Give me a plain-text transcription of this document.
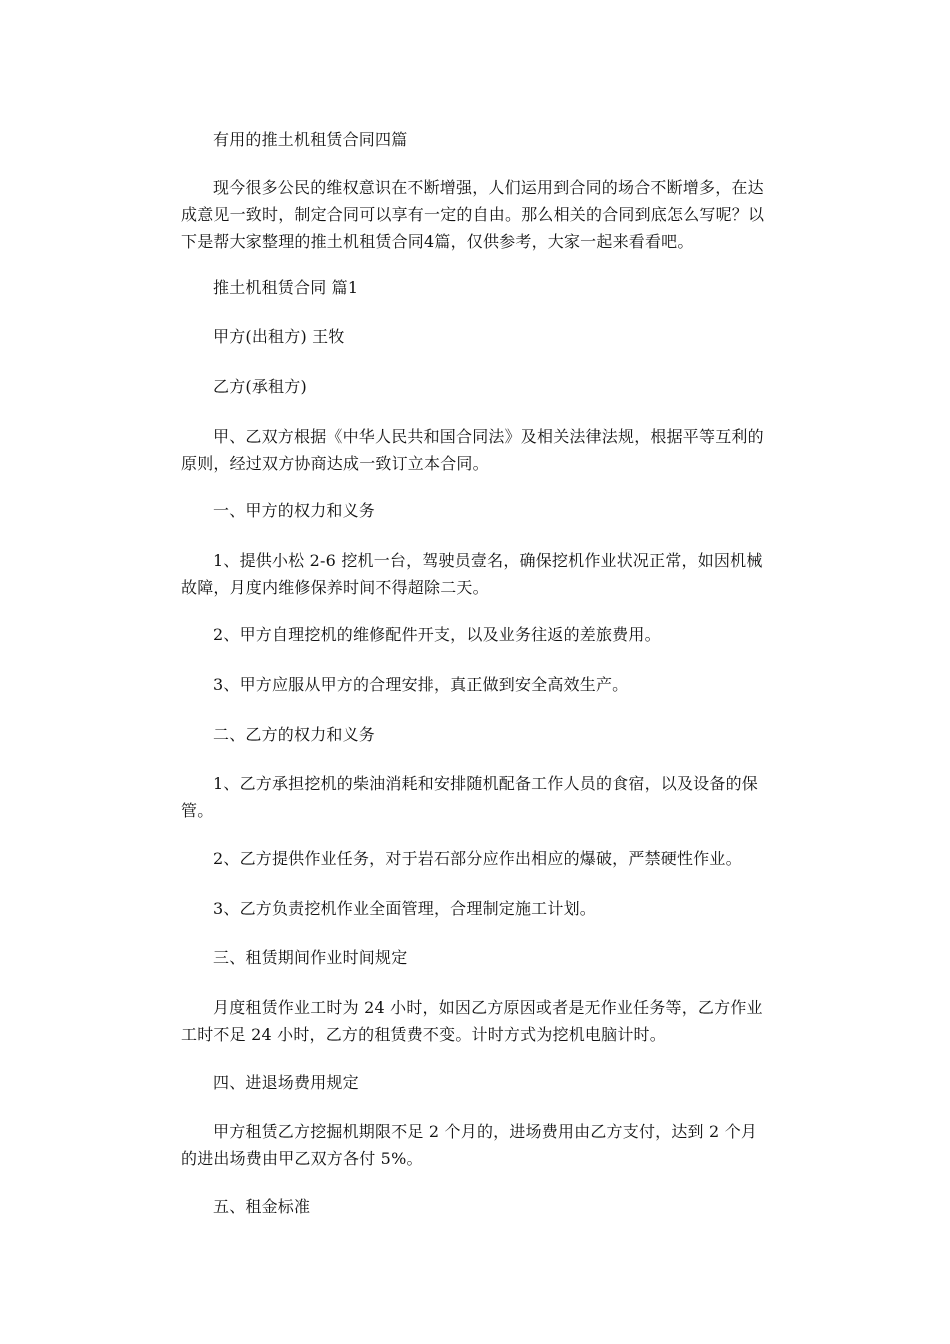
有用的推土机租赁合同四篇

现今很多公民的维权意识在不断增强，人们运用到合同的场合不断增多，在达成意见一致时，制定合同可以享有一定的自由。那么相关的合同到底怎么写呢？以下是帮大家整理的推土机租赁合同4篇，仅供参考，大家一起来看看吧。

推土机租赁合同 篇1

甲方(出租方) 王牧

乙方(承租方)

甲、乙双方根据《中华人民共和国合同法》及相关法律法规，根据平等互利的原则，经过双方协商达成一致订立本合同。

一、甲方的权力和义务

1、提供小松 2-6 挖机一台，驾驶员壹名，确保挖机作业状况正常，如因机械故障，月度内维修保养时间不得超除二天。

2、甲方自理挖机的维修配件开支，以及业务往返的差旅费用。

3、甲方应服从甲方的合理安排，真正做到安全高效生产。

二、乙方的权力和义务

1、乙方承担挖机的柴油消耗和安排随机配备工作人员的食宿，以及设备的保管。

2、乙方提供作业任务，对于岩石部分应作出相应的爆破，严禁硬性作业。

3、乙方负责挖机作业全面管理，合理制定施工计划。

三、租赁期间作业时间规定

月度租赁作业工时为 24 小时，如因乙方原因或者是无作业任务等，乙方作业工时不足 24 小时，乙方的租赁费不变。计时方式为挖机电脑计时。

四、进退场费用规定

甲方租赁乙方挖掘机期限不足 2 个月的，进场费用由乙方支付，达到 2 个月的进出场费由甲乙双方各付 5%。

五、租金标准
